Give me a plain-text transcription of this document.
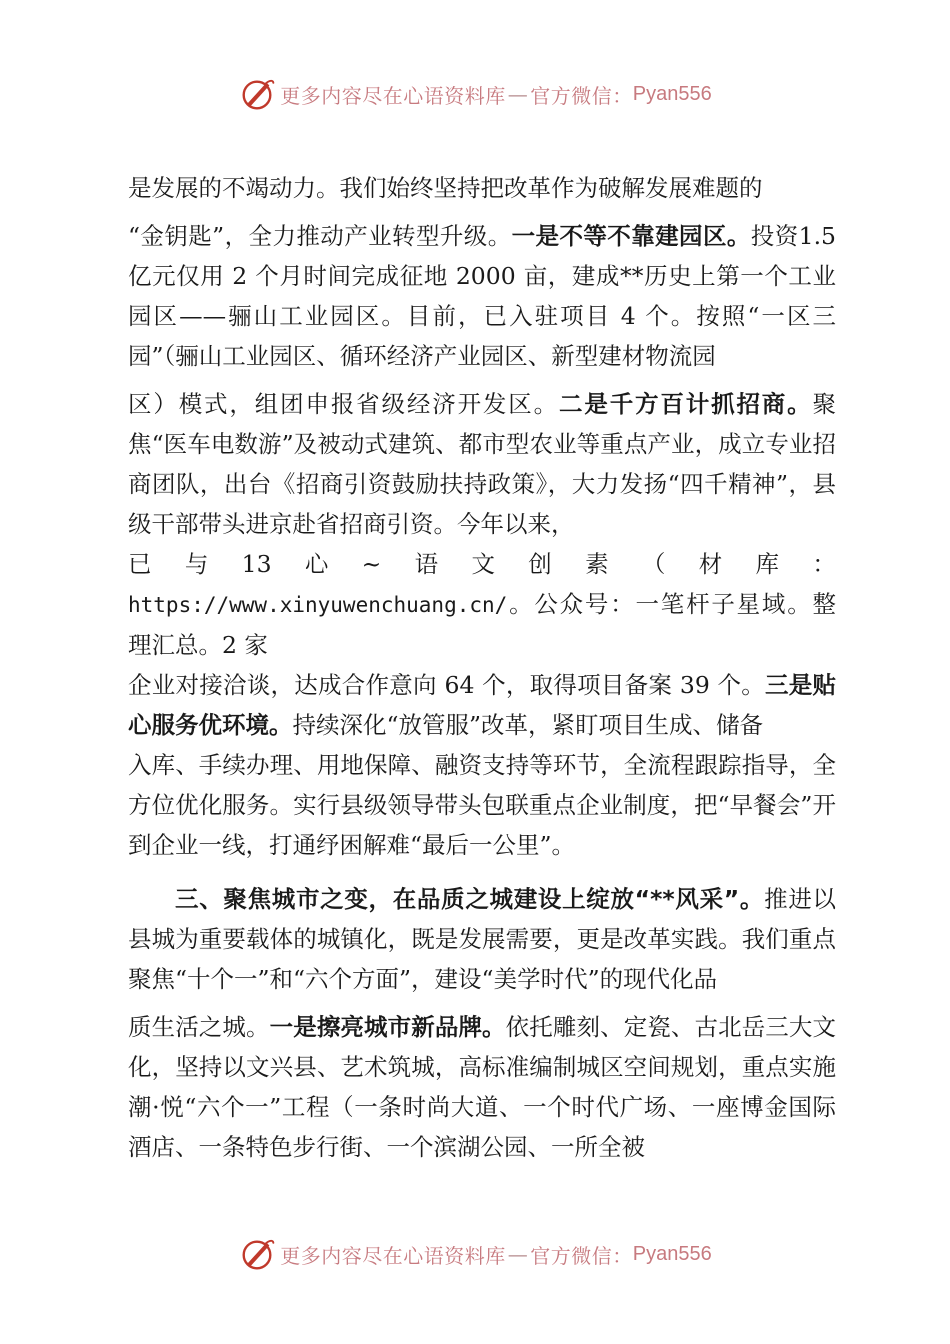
更多内容尽在心语资料库 — 官方微信： Pyan556

是发展的不竭动力。我们始终坚持把改革作为破解发展难题的

“金钥匙”，全力推动产业转型升级。一是不等不靠建园区。投资1.5 亿元仅用 2 个月时间完成征地 2000 亩，建成**历史上第一个工业园区——骊山工业园区。目前，已入驻项目 4 个。按照“一区三园”（骊山工业园区、循环经济产业园区、新型建材物流园

区）模式，组团申报省级经济开发区。二是千方百计抓招商。聚焦“医车电数游”及被动式建筑、都市型农业等重点产业，成立专业招商团队，出台《招商引资鼓励扶持政策》，大力发扬“四千精神”，县级干部带头进京赴省招商引资。今年以来，

已 与 13 心 ~ 语 文 创 素 （ 材 库 ：

https://www.xinyuwenchuang.cn/。公众号：一笔杆子星域。整理汇总。2 家

企业对接洽谈，达成合作意向 64 个，取得项目备案 39 个。三是贴心服务优环境。持续深化“放管服”改革，紧盯项目生成、储备

入库、手续办理、用地保障、融资支持等环节，全流程跟踪指导，全方位优化服务。实行县级领导带头包联重点企业制度，把“早餐会”开到企业一线，打通纾困解难“最后一公里”。

三、聚焦城市之变，在品质之城建设上绽放“**风采”。推进以县城为重要载体的城镇化，既是发展需要，更是改革实践。我们重点聚焦“十个一”和“六个方面”，建设“美学时代”的现代化品

质生活之城。一是擦亮城市新品牌。依托雕刻、定瓷、古北岳三大文化，坚持以文兴县、艺术筑城，高标准编制城区空间规划，重点实施潮·悦“六个一”工程（一条时尚大道、一个时代广场、一座博金国际酒店、一条特色步行街、一个滨湖公园、一所全被

更多内容尽在心语资料库 — 官方微信： Pyan556
